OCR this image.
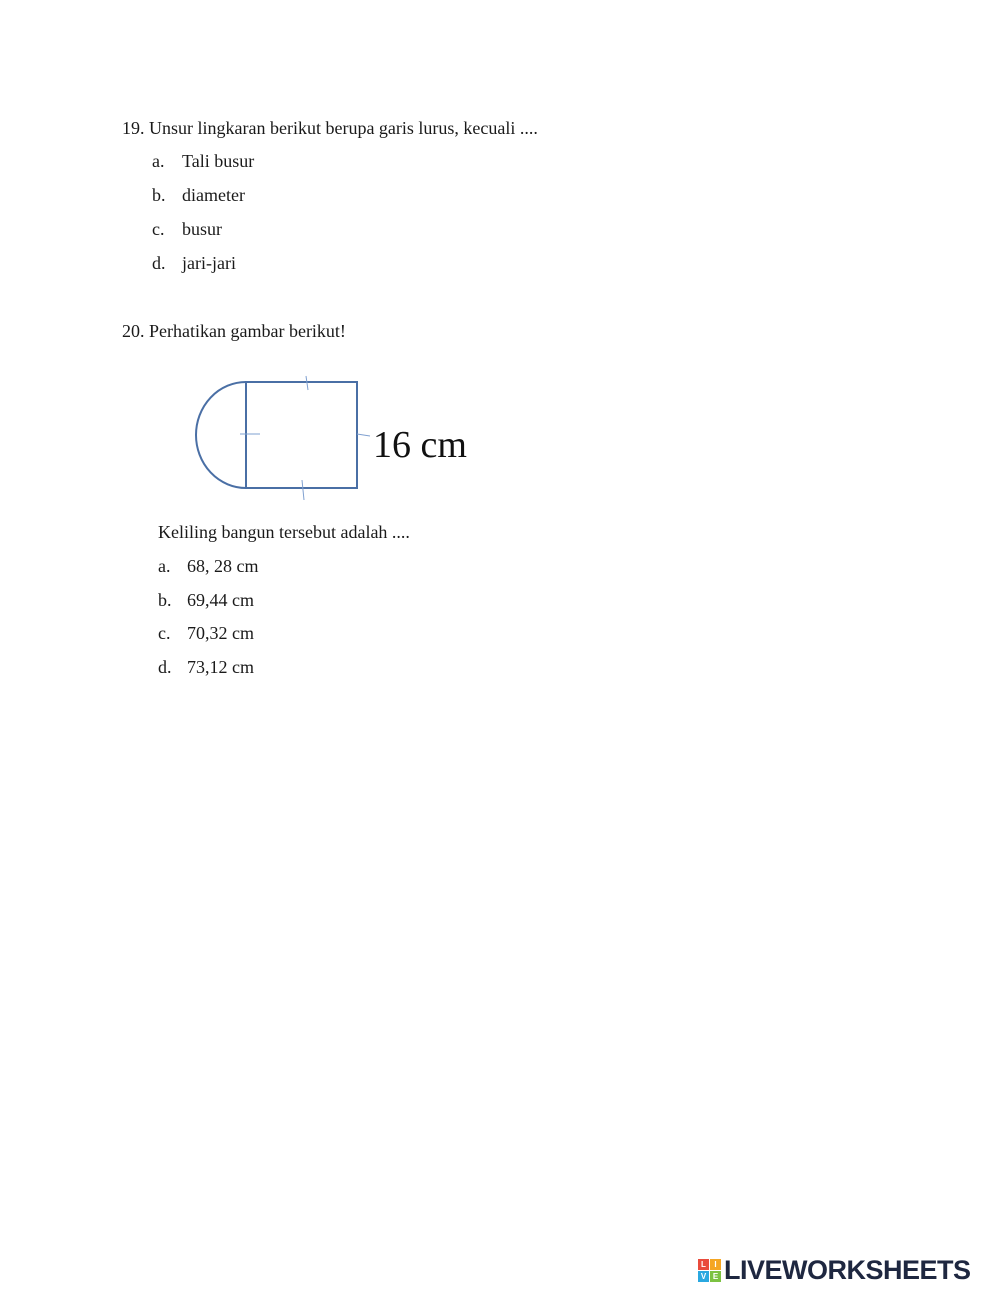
19. Unsur lingkaran berikut berupa garis lurus, kecuali ....
a. Tali busur
b. diameter
c. busur
d. jari-jari
20. Perhatikan gambar berikut!
16 cm
Keliling bangun tersebut adalah ....
a. 68, 28 cm
b. 69,44 cm
c. 70,32 cm
d. 73,12 cm
L	I
V E LIVEWORKSHEETS
